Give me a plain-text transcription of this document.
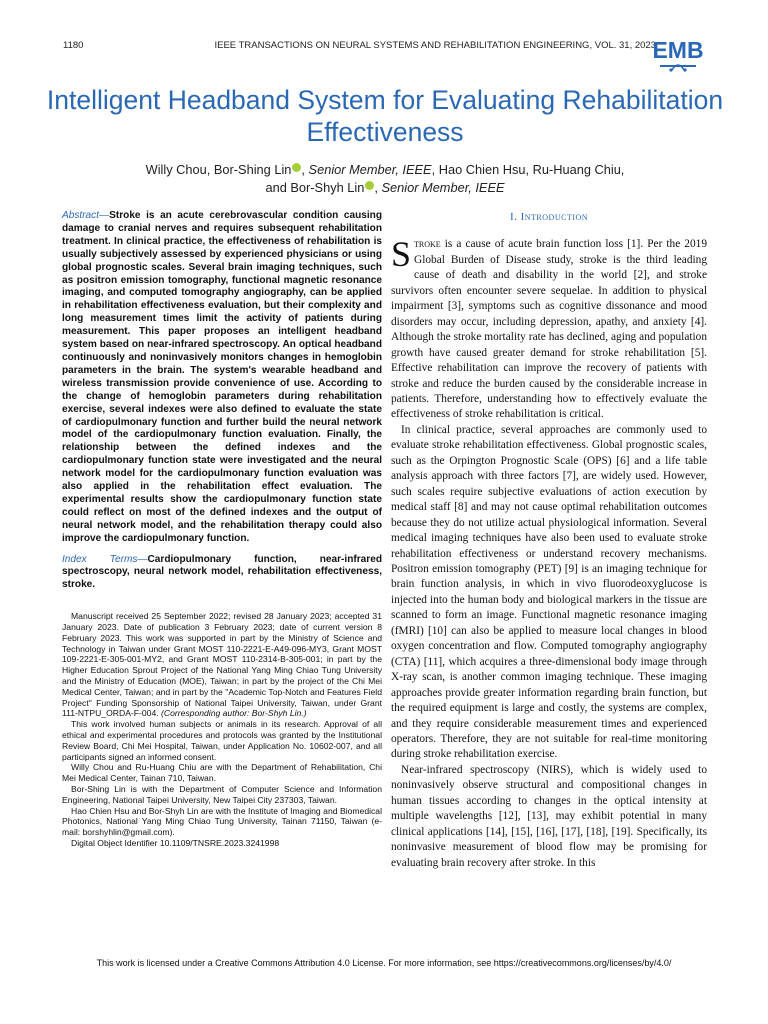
1180	IEEE TRANSACTIONS ON NEURAL SYSTEMS AND REHABILITATION ENGINEERING, VOL. 31, 2023
EMB
Intelligent Headband System for Evaluating Rehabilitation Effectiveness
Willy Chou, Bor-Shing Lin , Senior Member, IEEE, Hao Chien Hsu, Ru-Huang Chiu,
and Bor-Shyh Lin , Senior Member, IEEE

Abstract—Stroke is an acute cerebrovascular condition causing damage to cranial nerves and requires subsequent rehabilitation treatment. In clinical practice, the effectiveness of rehabilitation is usually subjectively assessed by experienced physicians or using global prognostic scales. Several brain imaging techniques, such as positron emission tomography, functional magnetic resonance imaging, and computed tomography angiography, can be applied in rehabilitation effectiveness evaluation, but their complexity and long measurement times limit the activity of patients during measurement. This paper proposes an intelligent headband system based on near-infrared spectroscopy. An optical headband continuously and noninvasively monitors changes in hemoglobin parameters in the brain. The system's wearable headband and wireless transmission provide convenience of use. According to the change of hemoglobin parameters during rehabilitation exercise, several indexes were also defined to evaluate the state of cardiopulmonary function and further build the neural network model of the cardiopulmonary function evaluation. Finally, the relationship between the defined indexes and the cardiopulmonary function state were investigated and the neural network model for the cardiopulmonary function evaluation was also applied in the rehabilitation effect evaluation. The experimental results show the cardiopulmonary function state could reflect on most of the defined indexes and the output of neural network model, and the rehabilitation therapy could also improve the cardiopulmonary function.

Index Terms—Cardiopulmonary function, near-infrared spectroscopy, neural network model, rehabilitation effectiveness, stroke.

Manuscript received 25 September 2022; revised 28 January 2023; accepted 31 January 2023. Date of publication 3 February 2023; date of current version 8 February 2023. This work was supported in part by the Ministry of Science and Technology in Taiwan under Grant MOST 110-2221-E-A49-096-MY3, Grant MOST 109-2221-E-305-001-MY2, and Grant MOST 110-2314-B-305-001; in part by the Higher Education Sprout Project of the National Yang Ming Chiao Tung University and the Ministry of Education (MOE), Taiwan; in part by the project of the Chi Mei Medical Center, Taiwan; and in part by the "Academic Top-Notch and Features Field Project" Funding Sponsorship of National Taipei University, Taiwan, under Grant 111-NTPU_ORDA-F-004. (Corresponding author: Bor-Shyh Lin.)

This work involved human subjects or animals in its research. Approval of all ethical and experimental procedures and protocols was granted by the Institutional Review Board, Chi Mei Hospital, Taiwan, under Application No. 10602-007, and all participants signed an informed consent.

Willy Chou and Ru-Huang Chiu are with the Department of Rehabilitation, Chi Mei Medical Center, Tainan 710, Taiwan.

Bor-Shing Lin is with the Department of Computer Science and Information Engineering, National Taipei University, New Taipei City 237303, Taiwan.

Hao Chien Hsu and Bor-Shyh Lin are with the Institute of Imaging and Biomedical Photonics, National Yang Ming Chiao Tung University, Tainan 71150, Taiwan (e-mail: borshyhlin@gmail.com).

Digital Object Identifier 10.1109/TNSRE.2023.3241998

I. Introduction

Stroke is a cause of acute brain function loss [1]. Per the 2019 Global Burden of Disease study, stroke is the third leading cause of death and disability in the world [2], and stroke survivors often encounter severe sequelae. In addition to physical impairment [3], symptoms such as cognitive dissonance and mood disorders may occur, including depression, apathy, and anxiety [4]. Although the stroke mortality rate has declined, aging and population growth have caused greater demand for stroke rehabilitation [5]. Effective rehabilitation can improve the recovery of patients with stroke and reduce the burden caused by the considerable increase in patients. Therefore, understanding how to effectively evaluate the effectiveness of stroke rehabilitation is critical.

In clinical practice, several approaches are commonly used to evaluate stroke rehabilitation effectiveness. Global prognostic scales, such as the Orpington Prognostic Scale (OPS) [6] and a life table analysis approach with three factors [7], are widely used. However, such scales require subjective evaluations of action execution by medical staff [8] and may not cause optimal rehabilitation outcomes because they do not utilize actual physiological information. Several medical imaging techniques have also been used to evaluate stroke rehabilitation effectiveness or understand recovery mechanisms. Positron emission tomography (PET) [9] is an imaging technique for brain function analysis, in which in vivo fluorodeoxyglucose is injected into the human body and biological markers in the tissue are scanned to form an image. Functional magnetic resonance imaging (fMRI) [10] can also be applied to measure local changes in blood oxygen concentration and flow. Computed tomography angiography (CTA) [11], which acquires a three-dimensional body image through X-ray scan, is another common imaging technique. These imaging approaches provide greater information regarding brain function, but the required equipment is large and costly, the systems are complex, and they require considerable measurement times and experienced operators. Therefore, they are not suitable for real-time monitoring during stroke rehabilitation exercise.

Near-infrared spectroscopy (NIRS), which is widely used to noninvasively observe structural and compositional changes in human tissues according to changes in the optical intensity at multiple wavelengths [12], [13], may exhibit potential in many clinical applications [14], [15], [16], [17], [18], [19]. Specifically, its noninvasive measurement of blood flow may be promising for evaluating brain recovery after stroke. In this

This work is licensed under a Creative Commons Attribution 4.0 License. For more information, see https://creativecommons.org/licenses/by/4.0/
